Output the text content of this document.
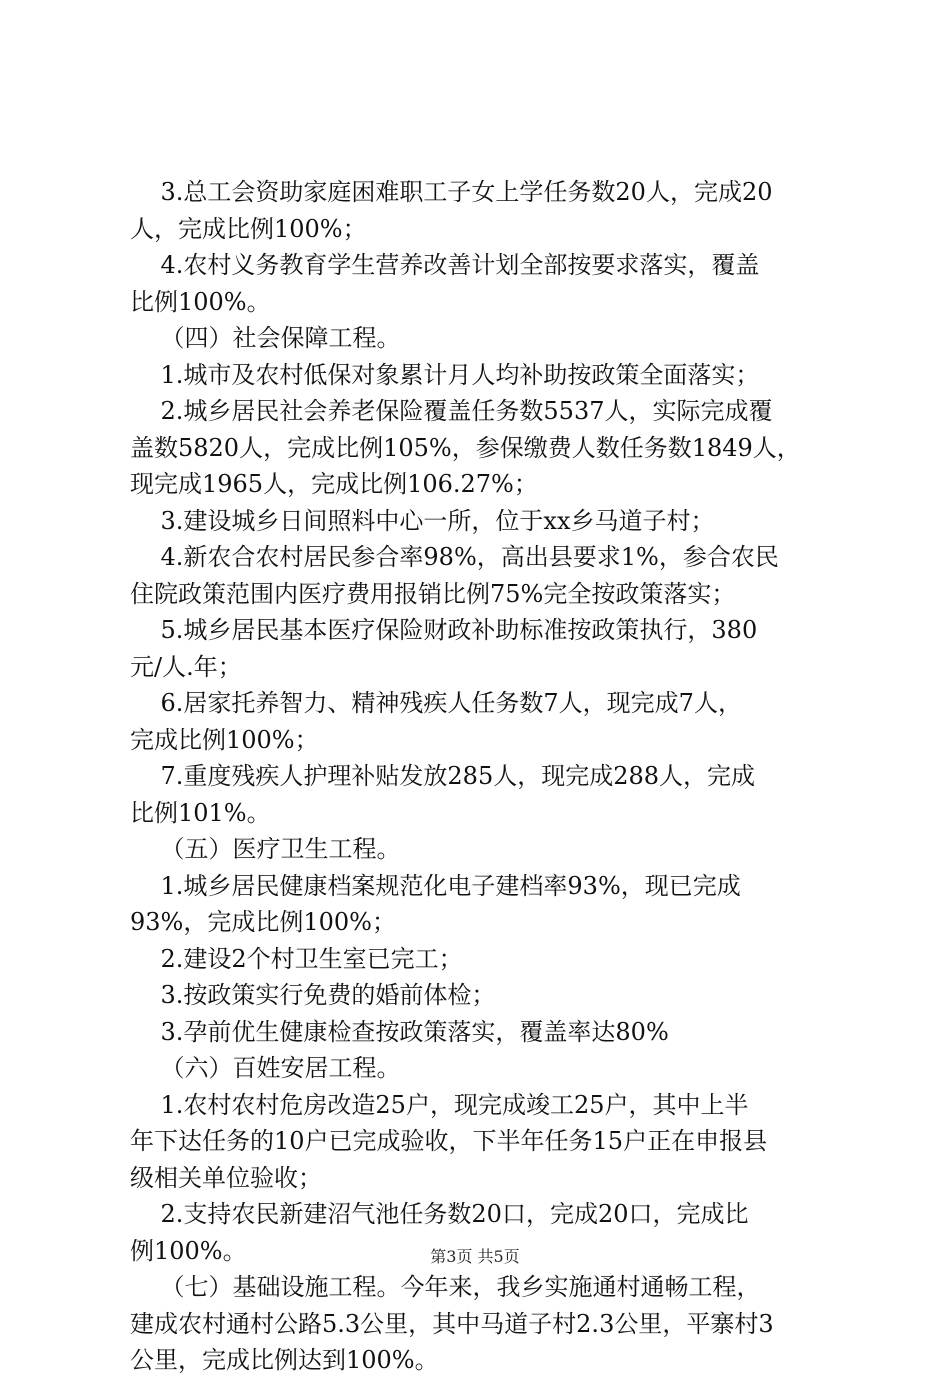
3.总工会资助家庭困难职工子女上学任务数20人，完成20
人，完成比例100%；
4.农村义务教育学生营养改善计划全部按要求落实，覆盖
比例100%。
（四）社会保障工程。
1.城市及农村低保对象累计月人均补助按政策全面落实；
2.城乡居民社会养老保险覆盖任务数5537人，实际完成覆
盖数5820人，完成比例105%，参保缴费人数任务数1849人，
现完成1965人，完成比例106.27%；
3.建设城乡日间照料中心一所，位于xx乡马道子村；
4.新农合农村居民参合率98%，高出县要求1%，参合农民
住院政策范围内医疗费用报销比例75%完全按政策落实；
5.城乡居民基本医疗保险财政补助标准按政策执行，380
元/人.年；
6.居家托养智力、精神残疾人任务数7人，现完成7人，
完成比例100%；
7.重度残疾人护理补贴发放285人，现完成288人，完成
比例101%。
（五）医疗卫生工程。
1.城乡居民健康档案规范化电子建档率93%，现已完成
93%，完成比例100%；
2.建设2个村卫生室已完工；
3.按政策实行免费的婚前体检；
3.孕前优生健康检查按政策落实，覆盖率达80%
（六）百姓安居工程。
1.农村农村危房改造25户，现完成竣工25户，其中上半
年下达任务的10户已完成验收，下半年任务15户正在申报县
级相关单位验收；
2.支持农民新建沼气池任务数20口，完成20口，完成比
例100%。
（七）基础设施工程。今年来，我乡实施通村通畅工程，
建成农村通村公路5.3公里，其中马道子村2.3公里，平寨村3
公里，完成比例达到100%。
第3页 共5页
